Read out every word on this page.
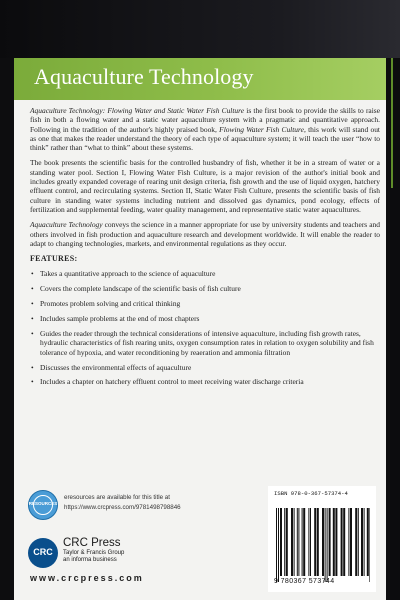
Aquaculture Technology

Aquaculture Technology: Flowing Water and Static Water Fish Culture is the first book to provide the skills to raise fish in both a flowing water and a static water aquaculture system with a pragmatic and quantitative approach. Following in the tradition of the author's highly praised book, Flowing Water Fish Culture, this work will stand out as one that makes the reader understand the theory of each type of aquaculture system; it will teach the user “how to think” rather than “what to think” about these systems.

The book presents the scientific basis for the controlled husbandry of fish, whether it be in a stream of water or a standing water pool. Section I, Flowing Water Fish Culture, is a major revision of the author's initial book and includes greatly expanded coverage of rearing unit design criteria, fish growth and the use of liquid oxygen, hatchery effluent control, and recirculating systems. Section II, Static Water Fish Culture, presents the scientific basis of fish culture in standing water systems including nutrient and dissolved gas dynamics, pond ecology, effects of fertilization and supplemental feeding, water quality management, and representative static water aquacultures.

Aquaculture Technology conveys the science in a manner appropriate for use by university students and teachers and others involved in fish production and aquaculture research and development worldwide. It will enable the reader to adapt to changing technologies, markets, and environmental regulations as they occur.

FEATURES:
• Takes a quantitative approach to the science of aquaculture
• Covers the complete landscape of the scientific basis of fish culture
• Promotes problem solving and critical thinking
• Includes sample problems at the end of most chapters
• Guides the reader through the technical considerations of intensive aquaculture, including fish growth rates, hydraulic characteristics of fish rearing units, oxygen consumption rates in relation to oxygen solubility and fish tolerance of hypoxia, and water reconditioning by reaeration and ammonia filtration
• Discusses the environmental effects of aquaculture
• Includes a chapter on hatchery effluent control to meet receiving water discharge criteria
RESOURCES
eresources are available for this title at
https://www.crcpress.com/9781498798846
CRC
CRC Press
Taylor & Francis Group
an informa business
www.crcpress.com
ISBN 978-0-367-57374-4
9 780367 573744
